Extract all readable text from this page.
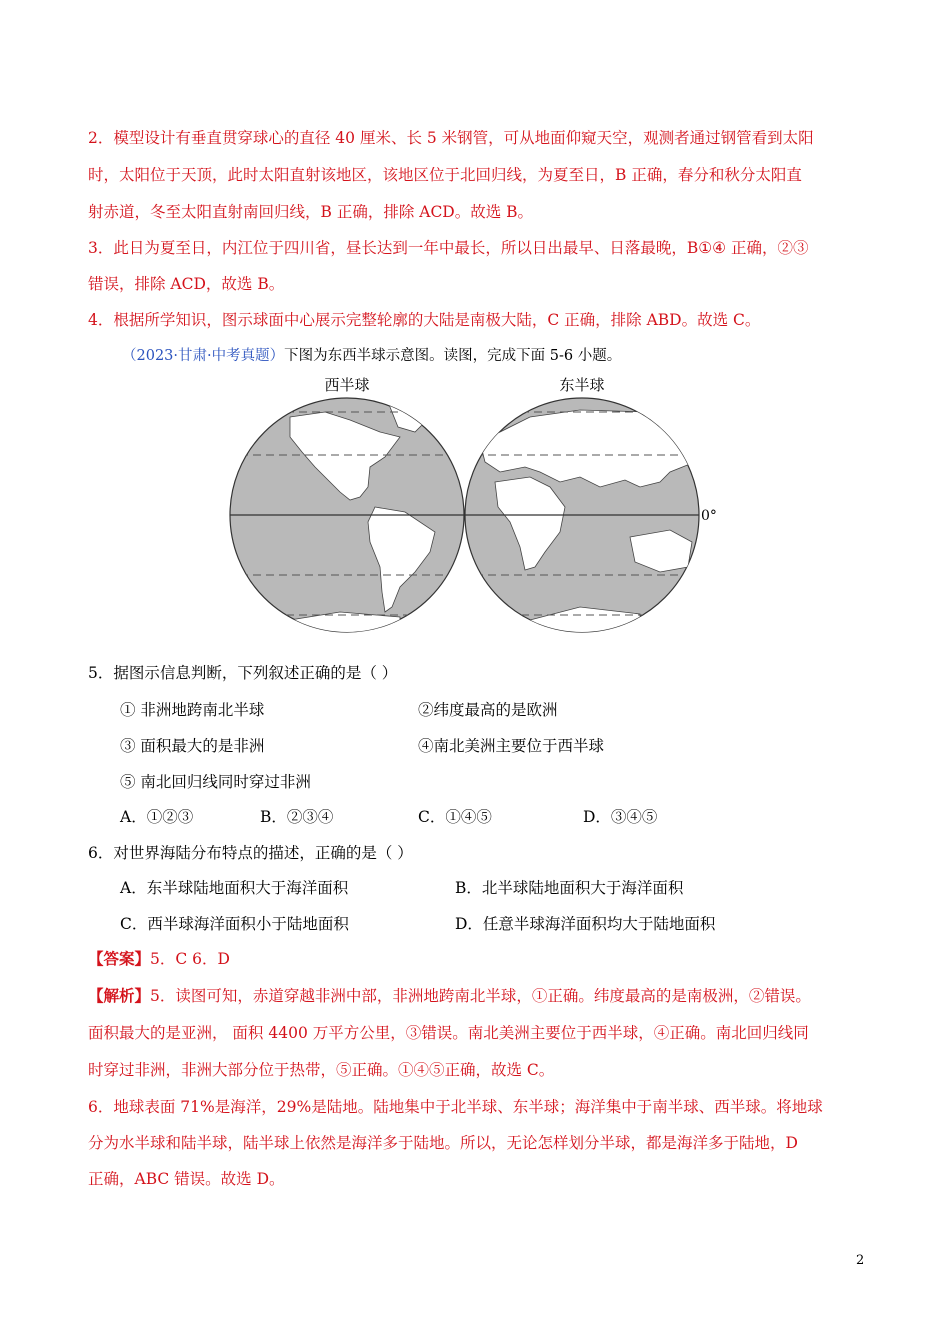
2．模型设计有垂直贯穿球心的直径 40 厘米、长 5 米钢管，可从地面仰窥天空，观测者通过钢管看到太阳
时，太阳位于天顶，此时太阳直射该地区，该地区位于北回归线，为夏至日，B 正确，春分和秋分太阳直
射赤道，冬至太阳直射南回归线，B 正确，排除 ACD。故选 B。
3．此日为夏至日，内江位于四川省，昼长达到一年中最长，所以日出最早、日落最晚，B①④ 正确，②③
错误，排除 ACD，故选 B。
4．根据所学知识，图示球面中心展示完整轮廓的大陆是南极大陆，C 正确，排除 ABD。故选 C。
（2023·甘肃·中考真题）下图为东西半球示意图。读图，完成下面 5-6 小题。
西半球	东半球
0°
5．据图示信息判断，下列叙述正确的是（ ）
① 非洲地跨南北半球	②纬度最高的是欧洲
③ 面积最大的是非洲	④南北美洲主要位于西半球
⑤ 南北回归线同时穿过非洲
A．①②③	B．②③④	C．①④⑤	D．③④⑤
6．对世界海陆分布特点的描述，正确的是（ ）
A．东半球陆地面积大于海洋面积	B．北半球陆地面积大于海洋面积
C．西半球海洋面积小于陆地面积	D．任意半球海洋面积均大于陆地面积
【答案】5．C 6．D
【解析】5．读图可知，赤道穿越非洲中部，非洲地跨南北半球，①正确。纬度最高的是南极洲，②错误。
面积最大的是亚洲， 面积 4400 万平方公里，③错误。南北美洲主要位于西半球，④正确。南北回归线同
时穿过非洲，非洲大部分位于热带，⑤正确。①④⑤正确，故选 C。
6．地球表面 71%是海洋，29%是陆地。陆地集中于北半球、东半球；海洋集中于南半球、西半球。将地球
分为水半球和陆半球，陆半球上依然是海洋多于陆地。所以，无论怎样划分半球，都是海洋多于陆地，D
正确，ABC 错误。故选 D。
2
